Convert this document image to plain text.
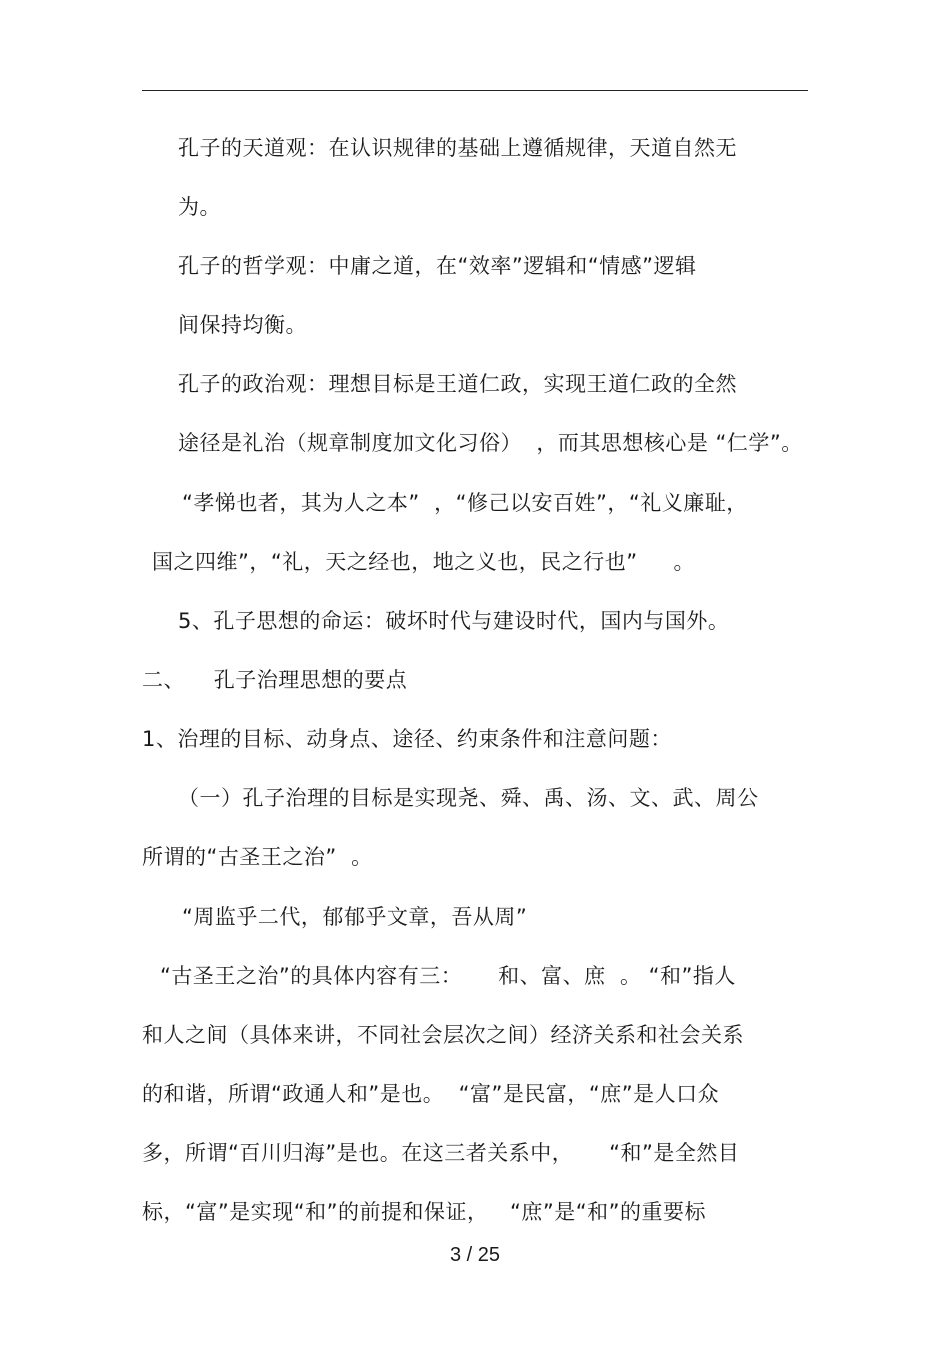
孔子的天道观：在认识规律的基础上遵循规律，天道自然无
为。
孔子的哲学观：中庸之道，在“效率”逻辑和“情感”逻辑
间保持均衡。
孔子的政治观：理想目标是王道仁政，实现王道仁政的全然
途径是礼治（规章制度加文化习俗）  ，而其思想核心是 “仁学”。
“孝悌也者，其为人之本”  ，“修己以安百姓”，“礼义廉耻，
国之四维”，“礼，天之经也，地之义也，民之行也”     。
5、孔子思想的命运：破坏时代与建设时代，国内与国外。
二、    孔子治理思想的要点
1、治理的目标、动身点、途径、约束条件和注意问题：
（一）孔子治理的目标是实现尧、舜、禹、汤、文、武、周公
所谓的“古圣王之治”  。
“周监乎二代，郁郁乎文章，吾从周”
“古圣王之治”的具体内容有三：     和、富、庶  。 “和”指人
和人之间（具体来讲，不同社会层次之间）经济关系和社会关系
的和谐，所谓“政通人和”是也。  “富”是民富，“庶”是人口众
多，所谓“百川归海”是也。在这三者关系中，     “和”是全然目
标，“富”是实现“和”的前提和保证，   “庶”是“和”的重要标
3 / 25
